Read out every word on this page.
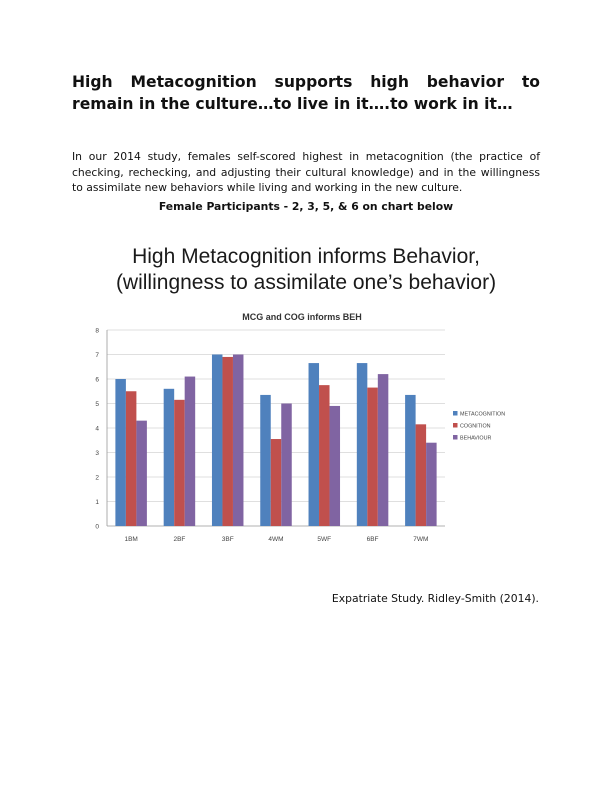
High Metacognition supports high behavior to remain in the culture…to live in it….to work in it…

In our 2014 study, females self-scored highest in metacognition (the practice of checking, rechecking, and adjusting their cultural knowledge) and in the willingness to assimilate new behaviors while living and working in the new culture.

Female Participants - 2, 3, 5, & 6 on chart below

High Metacognition informs Behavior,
(willingness to assimilate one’s behavior)
MCG and COG informs BEH
0
1
2
3
4
5
6
7
8
1BM	2BF	3BF	4WM	5WF	6BF	7WM
METACOGNITION
COGNITION
BEHAVIOUR

Expatriate Study. Ridley-Smith (2014).
